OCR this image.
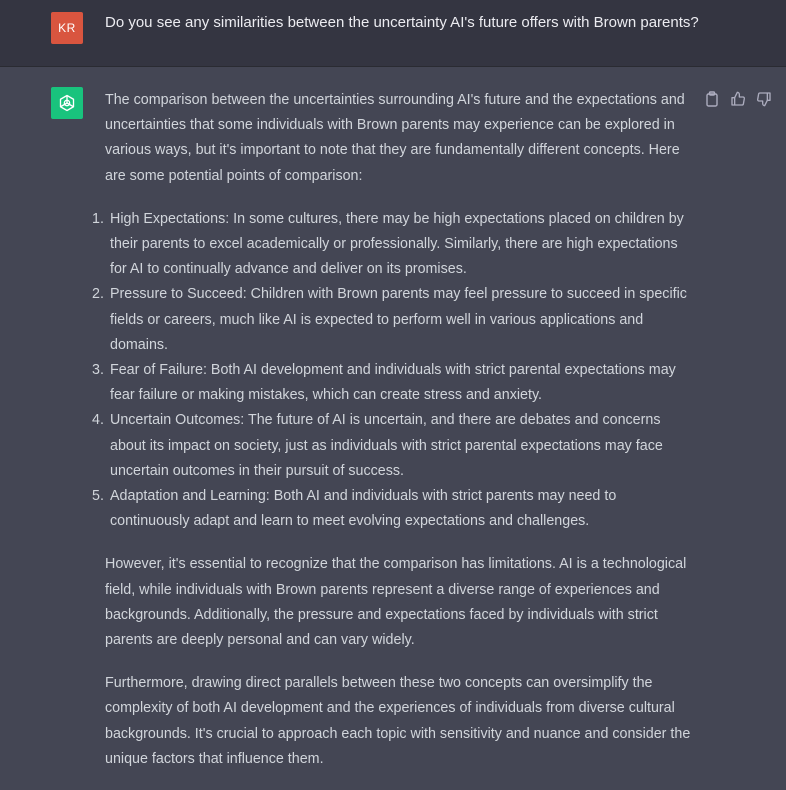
KR	Do you see any similarities between the uncertainty AI's future offers with Brown parents?

The comparison between the uncertainties surrounding AI's future and the expectations and uncertainties that some individuals with Brown parents may experience can be explored in various ways, but it's important to note that they are fundamentally different concepts. Here are some potential points of comparison:

1. High Expectations: In some cultures, there may be high expectations placed on children by their parents to excel academically or professionally. Similarly, there are high expectations for AI to continually advance and deliver on its promises.
2. Pressure to Succeed: Children with Brown parents may feel pressure to succeed in specific fields or careers, much like AI is expected to perform well in various applications and domains.
3. Fear of Failure: Both AI development and individuals with strict parental expectations may fear failure or making mistakes, which can create stress and anxiety.
4. Uncertain Outcomes: The future of AI is uncertain, and there are debates and concerns about its impact on society, just as individuals with strict parental expectations may face uncertain outcomes in their pursuit of success.
5. Adaptation and Learning: Both AI and individuals with strict parents may need to continuously adapt and learn to meet evolving expectations and challenges.

However, it's essential to recognize that the comparison has limitations. AI is a technological field, while individuals with Brown parents represent a diverse range of experiences and backgrounds. Additionally, the pressure and expectations faced by individuals with strict parents are deeply personal and can vary widely.

Furthermore, drawing direct parallels between these two concepts can oversimplify the complexity of both AI development and the experiences of individuals from diverse cultural backgrounds. It's crucial to approach each topic with sensitivity and nuance and consider the unique factors that influence them.
